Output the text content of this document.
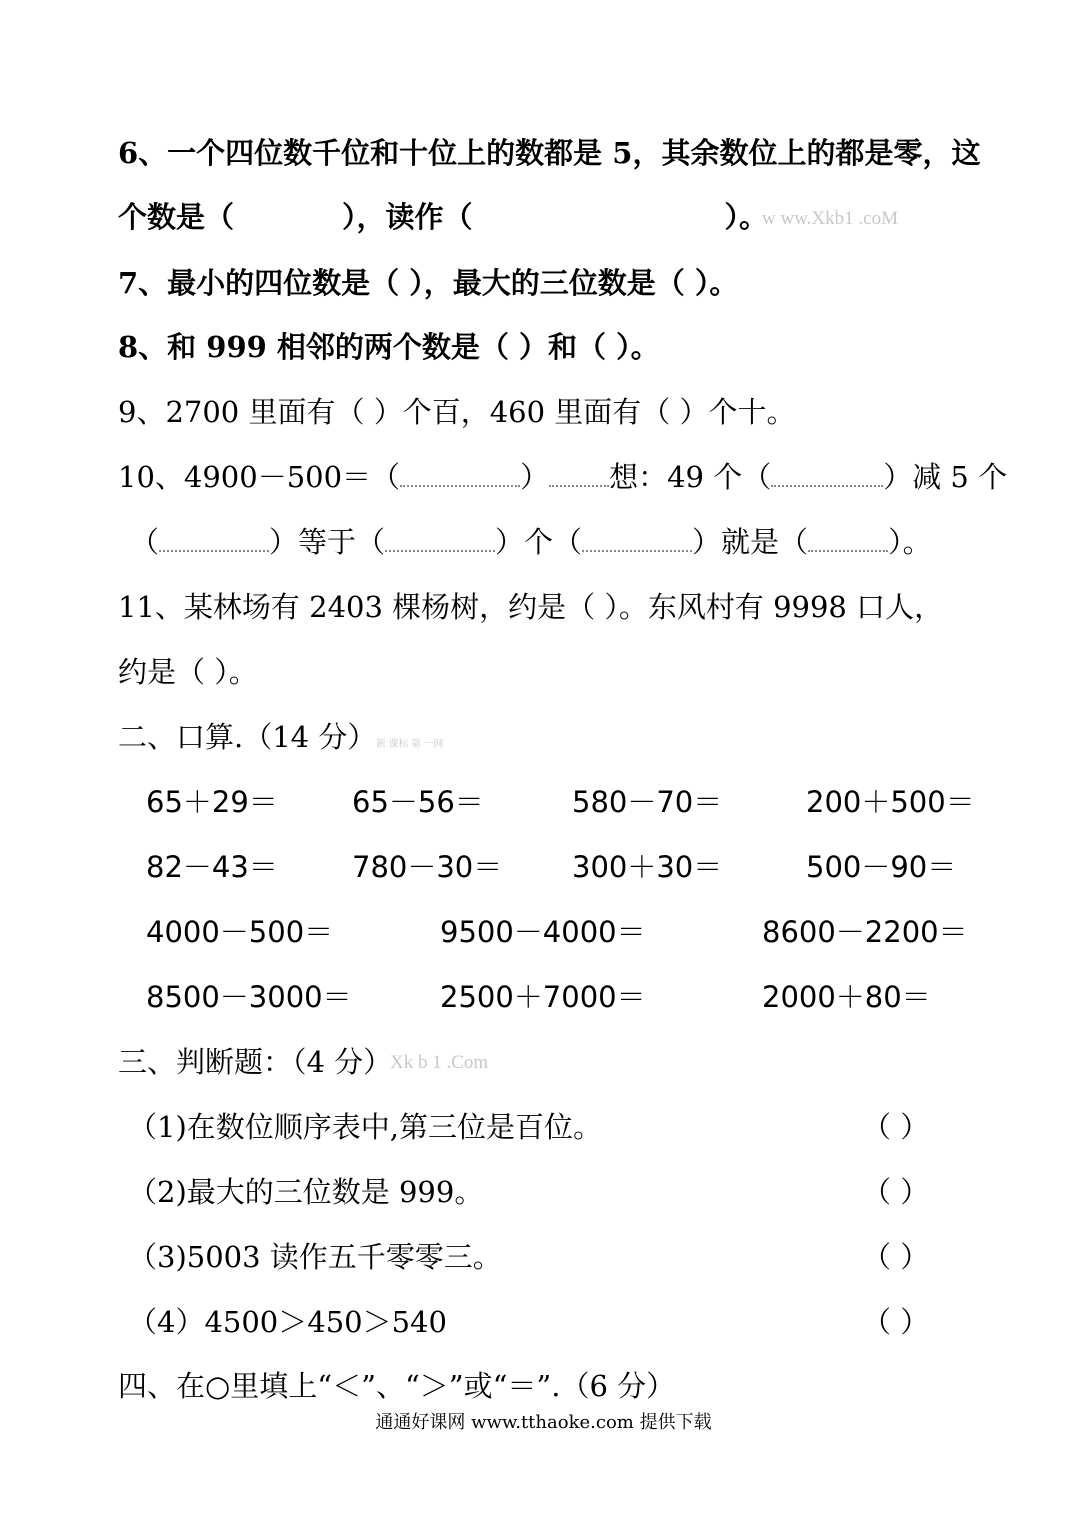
6、一个四位数千位和十位上的数都是 5，其余数位上的都是零，这
个数是（	），读作（	）。
w ww.Xkb1 .coM
7、最小的四位数是（ ），最大的三位数是（ ）。
8、和 999 相邻的两个数是（ ）和（ ）。
9、2700 里面有（ ）个百，460 里面有（ ）个十。
10、4900－500＝（	） 想：49 个（	）减 5 个
（	）等于（	）个（	）就是（	）。
11、某林场有 2403 棵杨树，约是（ ）。东风村有 9998 口人，
约是（ ）。
二、口算.（14 分） 新 课标 第 一网
65＋29＝	65－56＝	580－70＝	200＋500＝
82－43＝	780－30＝ 300＋30＝	500－90＝
4000－500＝	9500－4000＝	8600－2200＝
8500－3000＝	2500＋7000＝	2000＋80＝
三、判断题：（4 分）
Xk b 1 .Com
（1)在数位顺序表中,第三位是百位。	（ ）
（2)最大的三位数是 999。	（ ）
（3)5003 读作五千零零三。	（ ）
（4）4500＞450＞540	（ ）
四、在○里填上“＜”、“＞”或“＝”.（6 分）
通通好课网 www.tthaoke.com 提供下载
